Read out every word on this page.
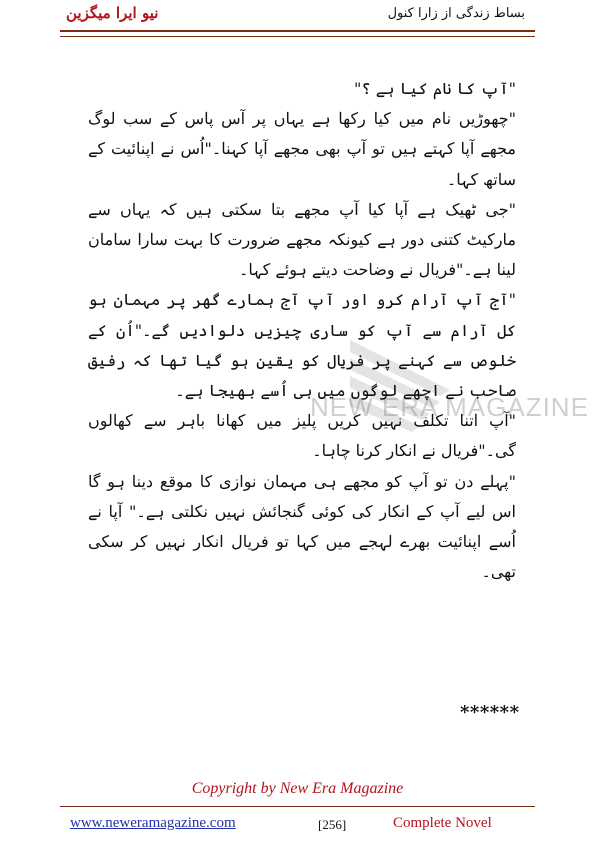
نیو ایرا میگزین	بساط زندگی از زارا کنول
NEW ERA MAGAZINE

"آپ کا نام کیا ہے ؟"

"چھوڑیں نام میں کیا رکھا ہے یہاں پر آس پاس کے سب لوگ مجھے آپا کہتے ہیں تو آپ بھی مجھے آپا کہنا۔"اُس نے اپنائیت کے ساتھ کہا۔

"جی ٹھیک ہے آپا کیا آپ مجھے بتا سکتی ہیں کہ یہاں سے مارکیٹ کتنی دور ہے کیونکہ مجھے ضرورت کا بہت سارا سامان لینا ہے۔"فریال نے وضاحت دیتے ہوئے کہا۔

"آج آپ آرام کرو اور آپ آج ہمارے گھر پر مہمان ہو کل آرام سے آپ کو ساری چیزیں دلوادیں گے۔"اُن کے خلوص سے کہنے پر فریال کو یقین ہو گیا تھا کہ رفیق صاحب نے اچھے لوگوں میں ہی اُسے بھیجا ہے۔

"آپ اتنا تکلف نہیں کریں پلیز میں کھانا باہر سے کھالوں گی۔"فریال نے انکار کرنا چاہا۔

"پہلے دن تو آپ کو مجھے ہی مہمان نوازی کا موقع دینا ہو گا اس لیے آپ کے انکار کی کوئی گنجائش نہیں نکلتی ہے۔" آپا نے اُسے اپنائیت بھرے لہجے میں کہا تو فریال انکار نہیں کر سکی تھی۔

******
Copyright by New Era Magazine
www.neweramagazine.com	[256]	Complete Novel
